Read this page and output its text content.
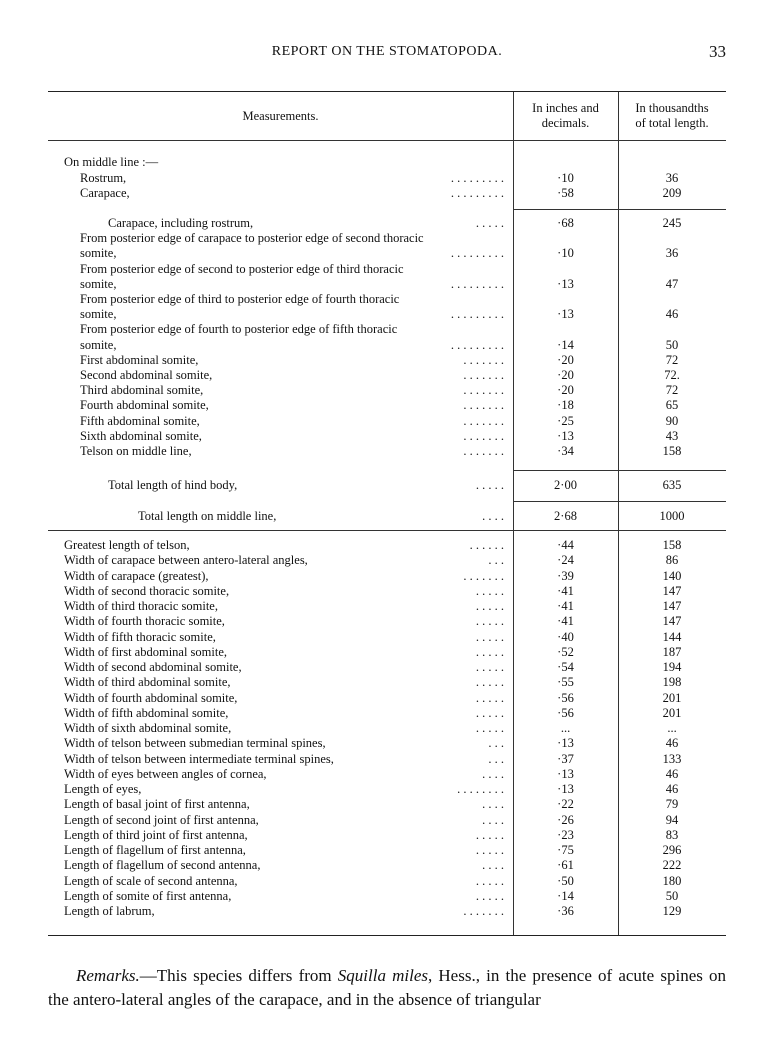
REPORT ON THE STOMATOPODA.	33
Measurements.
In inches and
decimals.
In thousandths
of total length.
On middle line :—
Rostrum,	. . . . . . . . .	·10	36
Carapace,	. . . . . . . . .	·58	209
Carapace, including rostrum,	. . . . .	·68	245
From posterior edge of carapace to posterior edge of second thoracic
somite,	. . . . . . . . .	·10	36
From posterior edge of second to posterior edge of third thoracic
somite,	. . . . . . . . .	·13	47
From posterior edge of third to posterior edge of fourth thoracic
somite,	. . . . . . . . .	·13	46
From posterior edge of fourth to posterior edge of fifth thoracic
somite,	. . . . . . . . .	·14	50
First abdominal somite,	. . . . . . .	·20	72
Second abdominal somite,	. . . . . . .	·20	72.
Third abdominal somite,	. . . . . . .	·20	72
Fourth abdominal somite,	. . . . . . .	·18	65
Fifth abdominal somite,	. . . . . . .	·25	90
Sixth abdominal somite,	. . . . . . .	·13	43
Telson on middle line,	. . . . . . .	·34	158
Total length of hind body,	. . . . .	2·00	635
Total length on middle line,	. . . .	2·68	1000
Greatest length of telson,	. . . . . .	·44	158
Width of carapace between antero-lateral angles,	. . .	·24	86
Width of carapace (greatest),	. . . . . . .	·39	140
Width of second thoracic somite,	. . . . .	·41	147
Width of third thoracic somite,	. . . . .	·41	147
Width of fourth thoracic somite,	. . . . .	·41	147
Width of fifth thoracic somite,	. . . . .	·40	144
Width of first abdominal somite,	. . . . .	·52	187
Width of second abdominal somite,	. . . . .	·54	194
Width of third abdominal somite,	. . . . .	·55	198
Width of fourth abdominal somite,	. . . . .	·56	201
Width of fifth abdominal somite,	. . . . .	·56	201
Width of sixth abdominal somite,	. . . . .	...	...
Width of telson between submedian terminal spines,	. . .	·13	46
Width of telson between intermediate terminal spines,	. . .	·37	133
Width of eyes between angles of cornea,	. . . .	·13	46
Length of eyes,	. . . . . . . .	·13	46
Length of basal joint of first antenna,	. . . .	·22	79
Length of second joint of first antenna,	. . . .	·26	94
Length of third joint of first antenna,	. . . . .	·23	83
Length of flagellum of first antenna,	. . . . .	·75	296
Length of flagellum of second antenna,	. . . .	·61	222
Length of scale of second antenna,	. . . . .	·50	180
Length of somite of first antenna,	. . . . .	·14	50
Length of labrum,	. . . . . . .	·36	129

Remarks.—This species differs from Squilla miles, Hess., in the presence of acute spines on the antero-lateral angles of the carapace, and in the absence of triangular
